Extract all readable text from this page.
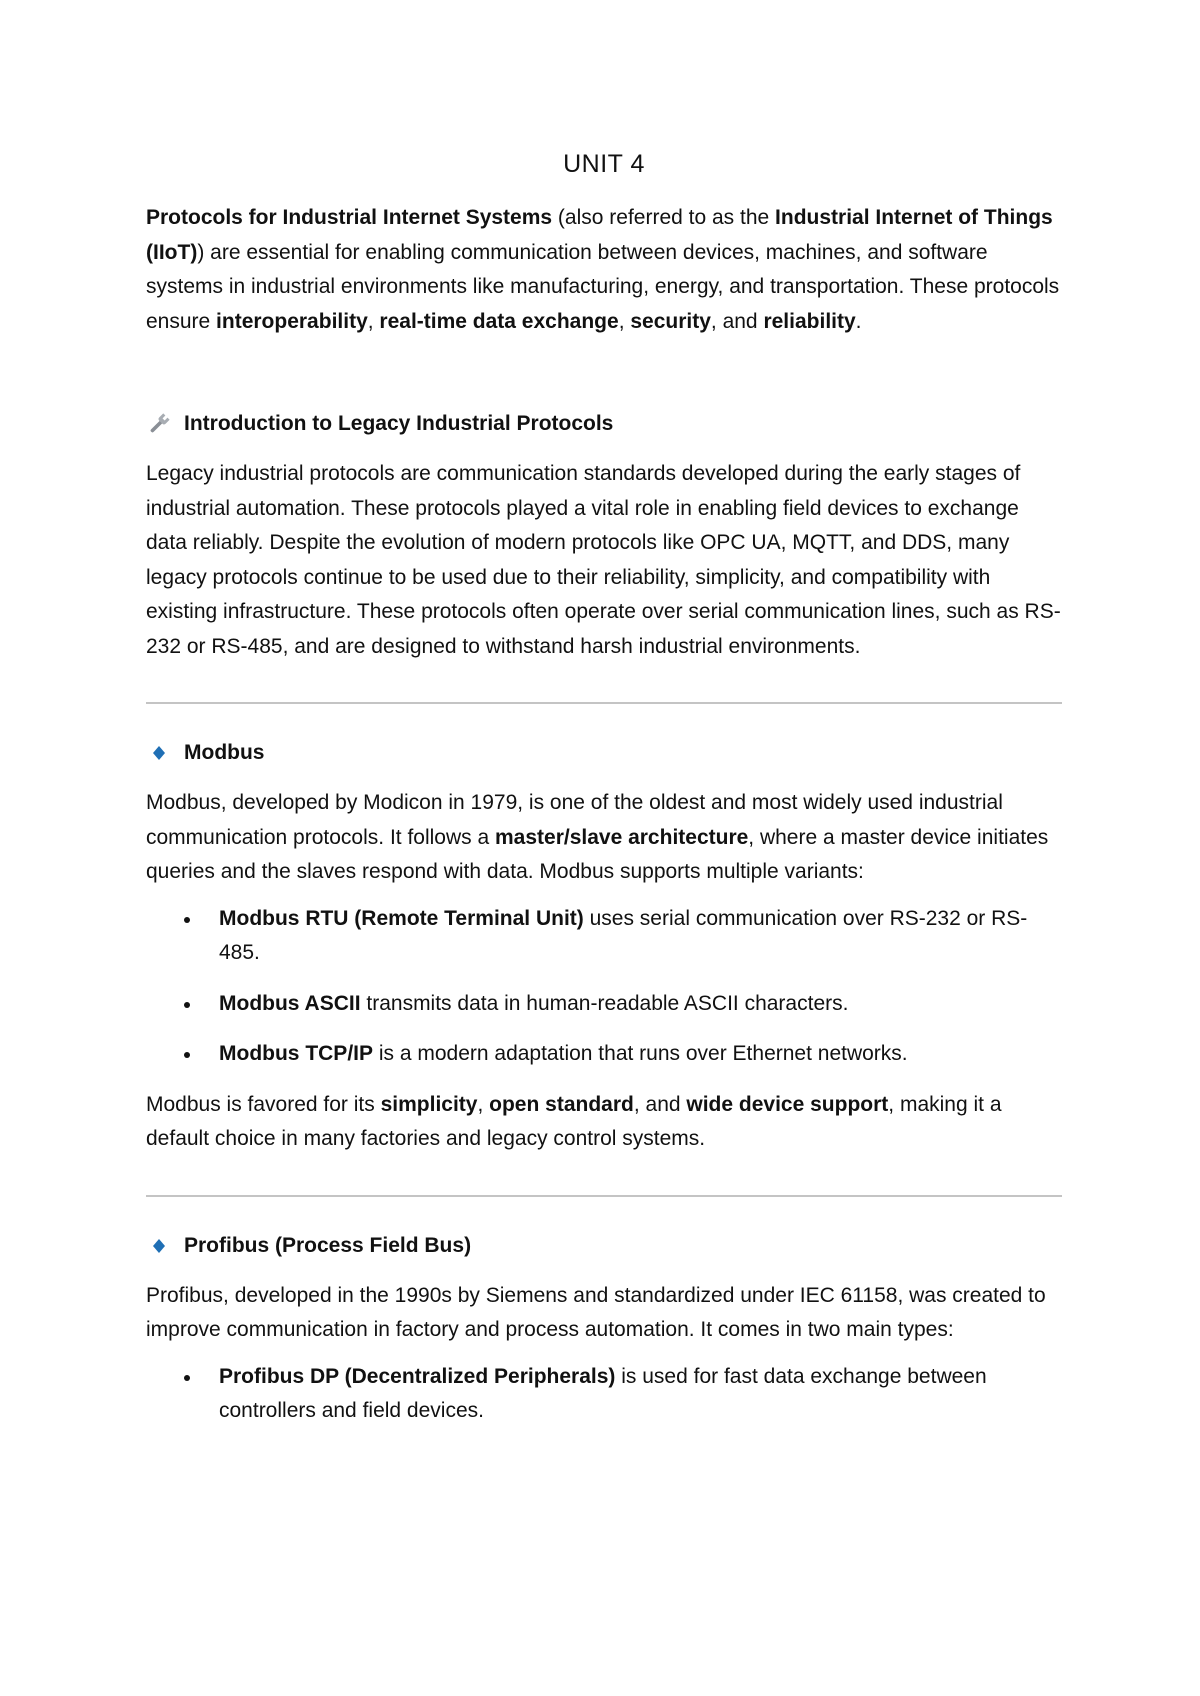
UNIT 4

Protocols for Industrial Internet Systems (also referred to as the Industrial Internet of Things (IIoT)) are essential for enabling communication between devices, machines, and software systems in industrial environments like manufacturing, energy, and transportation. These protocols ensure interoperability, real-time data exchange, security, and reliability.

Introduction to Legacy Industrial Protocols

Legacy industrial protocols are communication standards developed during the early stages of industrial automation. These protocols played a vital role in enabling field devices to exchange data reliably. Despite the evolution of modern protocols like OPC UA, MQTT, and DDS, many legacy protocols continue to be used due to their reliability, simplicity, and compatibility with existing infrastructure. These protocols often operate over serial communication lines, such as RS-232 or RS-485, and are designed to withstand harsh industrial environments.

Modbus

Modbus, developed by Modicon in 1979, is one of the oldest and most widely used industrial communication protocols. It follows a master/slave architecture, where a master device initiates queries and the slaves respond with data. Modbus supports multiple variants:

Modbus RTU (Remote Terminal Unit) uses serial communication over RS-232 or RS-485.
Modbus ASCII transmits data in human-readable ASCII characters.
Modbus TCP/IP is a modern adaptation that runs over Ethernet networks.

Modbus is favored for its simplicity, open standard, and wide device support, making it a default choice in many factories and legacy control systems.

Profibus (Process Field Bus)

Profibus, developed in the 1990s by Siemens and standardized under IEC 61158, was created to improve communication in factory and process automation. It comes in two main types:

Profibus DP (Decentralized Peripherals) is used for fast data exchange between controllers and field devices.
